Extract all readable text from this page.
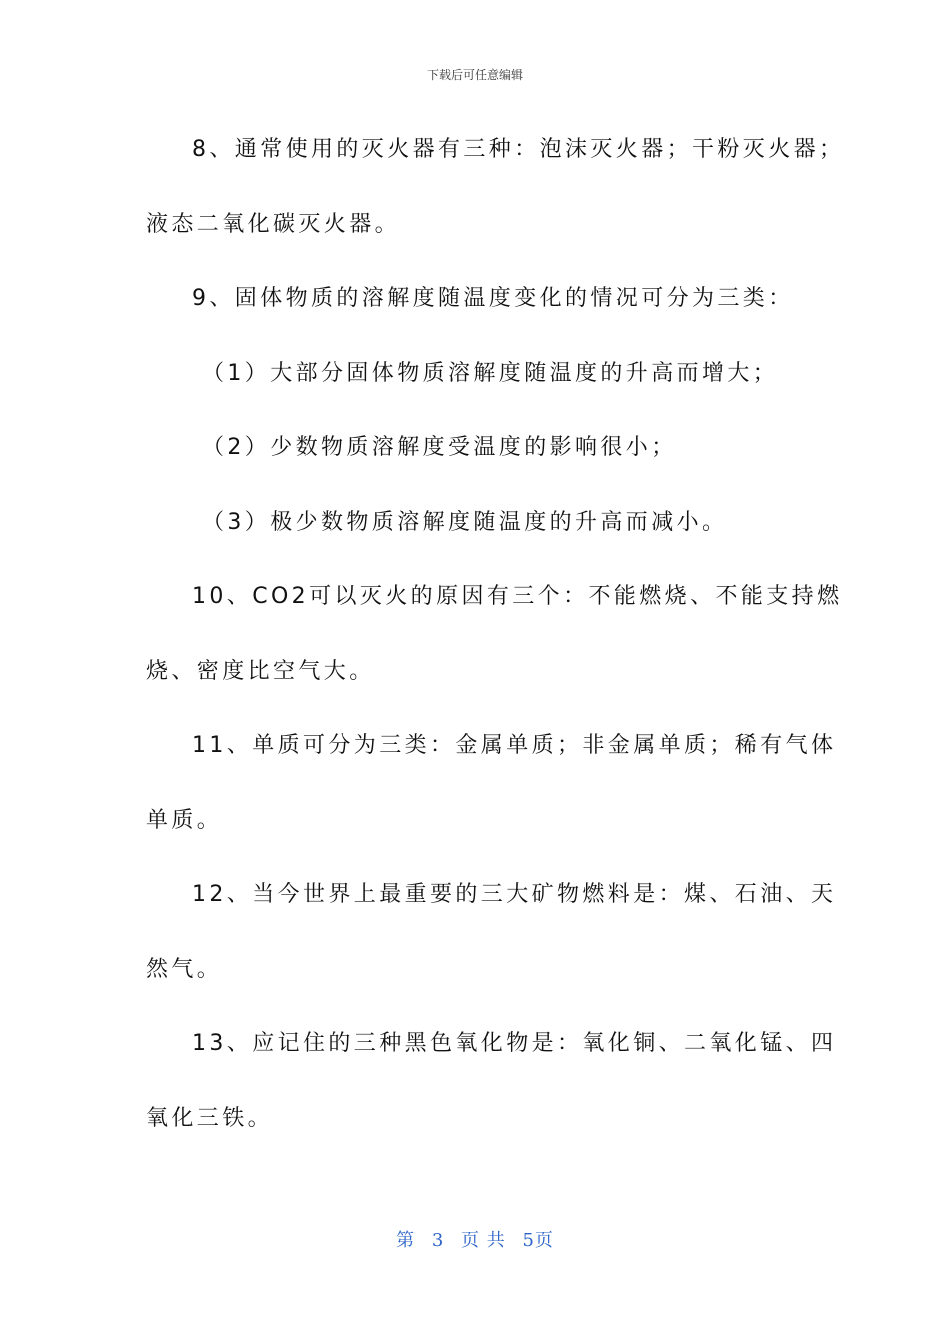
下载后可任意编辑
8、通常使用的灭火器有三种：泡沫灭火器；干粉灭火器；
液态二氧化碳灭火器。
9、固体物质的溶解度随温度变化的情况可分为三类：
（1）大部分固体物质溶解度随温度的升高而增大；
（2）少数物质溶解度受温度的影响很小；
（3）极少数物质溶解度随温度的升高而减小。
10、CO2可以灭火的原因有三个：不能燃烧、不能支持燃
烧、密度比空气大。
11、单质可分为三类：金属单质；非金属单质；稀有气体
单质。
12、当今世界上最重要的三大矿物燃料是：煤、石油、天
然气。
13、应记住的三种黑色氧化物是：氧化铜、二氧化锰、四
氧化三铁。
第 3 页 共 5页
